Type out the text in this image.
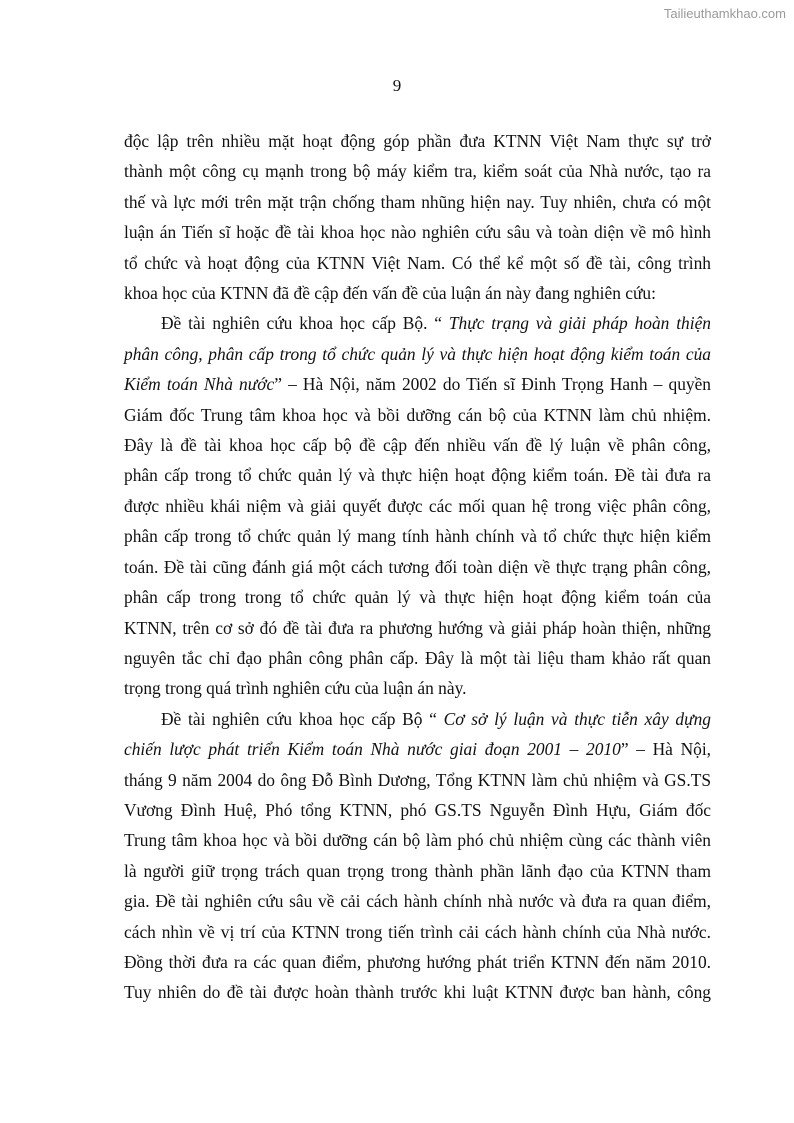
Tailieuthamkhao.com
9

độc lập trên nhiều mặt hoạt động góp phần đưa KTNN Việt Nam thực sự trở
thành một công cụ mạnh trong bộ máy kiểm tra, kiểm soát của Nhà nước, tạo ra
thế và lực mới trên mặt trận chống tham nhũng hiện nay. Tuy nhiên, chưa có một
luận án Tiến sĩ hoặc đề tài khoa học nào nghiên cứu sâu và toàn diện về mô hình
tổ chức và hoạt động của KTNN Việt Nam. Có thể kể một số đề tài, công trình
khoa học của KTNN đã đề cập đến vấn đề của luận án này đang nghiên cứu:

Đề tài nghiên cứu khoa học cấp Bộ. “ Thực trạng và giải pháp hoàn thiện
phân công, phân cấp trong tổ chức quản lý và thực hiện hoạt động kiểm toán của
Kiểm toán Nhà nước” – Hà Nội, năm 2002 do Tiến sĩ Đinh Trọng Hanh – quyền
Giám đốc Trung tâm khoa học và bồi dưỡng cán bộ của KTNN làm chủ nhiệm.
Đây là đề tài khoa học cấp bộ đề cập đến nhiều vấn đề lý luận về phân công,
phân cấp trong tổ chức quản lý và thực hiện hoạt động kiểm toán. Đề tài đưa ra
được nhiều khái niệm và giải quyết được các mối quan hệ trong việc phân công,
phân cấp trong tổ chức quản lý mang tính hành chính và tổ chức thực hiện kiểm
toán. Đề tài cũng đánh giá một cách tương đối toàn diện về thực trạng phân công,
phân cấp trong trong tổ chức quản lý và thực hiện hoạt động kiểm toán của
KTNN, trên cơ sở đó đề tài đưa ra phương hướng và giải pháp hoàn thiện, những
nguyên tắc chỉ đạo phân công phân cấp. Đây là một tài liệu tham khảo rất quan
trọng trong quá trình nghiên cứu của luận án này.

Đề tài nghiên cứu khoa học cấp Bộ “ Cơ sở lý luận và thực tiễn xây dựng
chiến lược phát triển Kiểm toán Nhà nước giai đoạn 2001 – 2010” – Hà Nội,
tháng 9 năm 2004 do ông Đỗ Bình Dương, Tổng KTNN làm chủ nhiệm và GS.TS
Vương Đình Huệ, Phó tổng KTNN, phó GS.TS Nguyễn Đình Hựu, Giám đốc
Trung tâm khoa học và bồi dưỡng cán bộ làm phó chủ nhiệm cùng các thành viên
là người giữ trọng trách quan trọng trong thành phần lãnh đạo của KTNN tham
gia. Đề tài nghiên cứu sâu về cải cách hành chính nhà nước và đưa ra quan điểm,
cách nhìn về vị trí của KTNN trong tiến trình cải cách hành chính của Nhà nước.
Đồng thời đưa ra các quan điểm, phương hướng phát triển KTNN đến năm 2010.
Tuy nhiên do đề tài được hoàn thành trước khi luật KTNN được ban hành, công
